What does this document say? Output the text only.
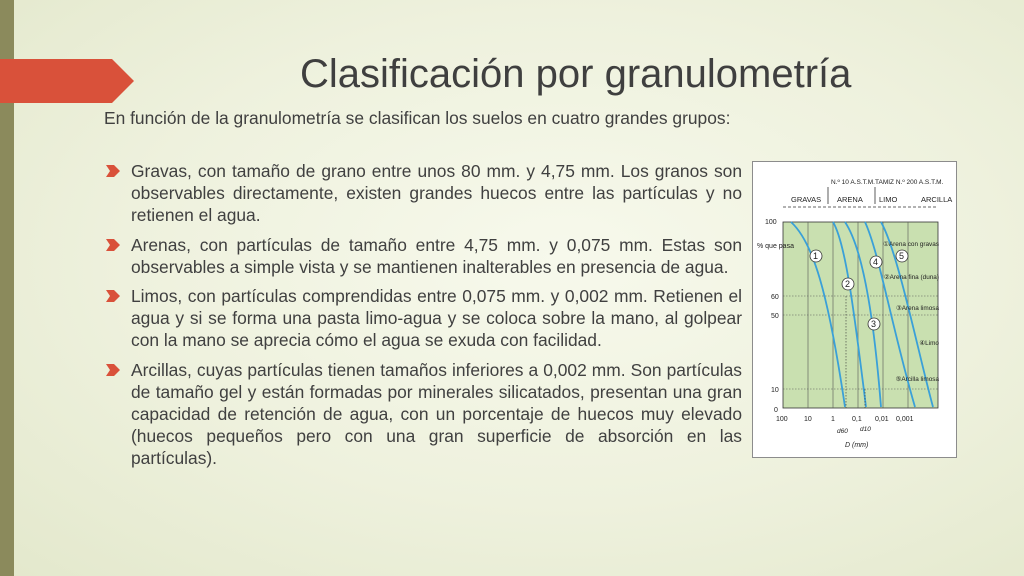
Clasificación por granulometría
En función de la granulometría se clasifican los suelos en cuatro grandes grupos:
Gravas, con tamaño de grano entre unos 80 mm. y 4,75 mm. Los granos son observables directamente, existen grandes huecos entre las partículas y no retienen el agua.
Arenas, con partículas de tamaño entre 4,75 mm. y 0,075 mm. Estas son observables a simple vista y se mantienen inalterables en presencia de agua.
Limos, con partículas comprendidas entre 0,075 mm. y 0,002 mm. Retienen el agua y si se forma una pasta limo-agua y se coloca sobre la mano, al golpear con la mano se aprecia cómo el agua se exuda con facilidad.
Arcillas, cuyas partículas tienen tamaños inferiores a 0,002 mm. Son partículas de tamaño gel y están formadas por minerales silicatados, presentan una gran capacidad de retención de agua, con un porcentaje de huecos muy elevado (huecos pequeños pero con una gran superficie de absorción en las partículas).
N.º 10 A.S.T.M. TAMIZ N.º 200 A.S.T.M.
GRAVAS ARENA LIMO	ARCILLA
% que pasa
100
60
50
10
0
100 10	1 0,1 0,01 0,001
d60 d10
D (mm)
1
2
3
4
5
①Arena con gravas
②Arena fina (duna)
③Arena limosa
④Limo
⑤Arcilla limosa
